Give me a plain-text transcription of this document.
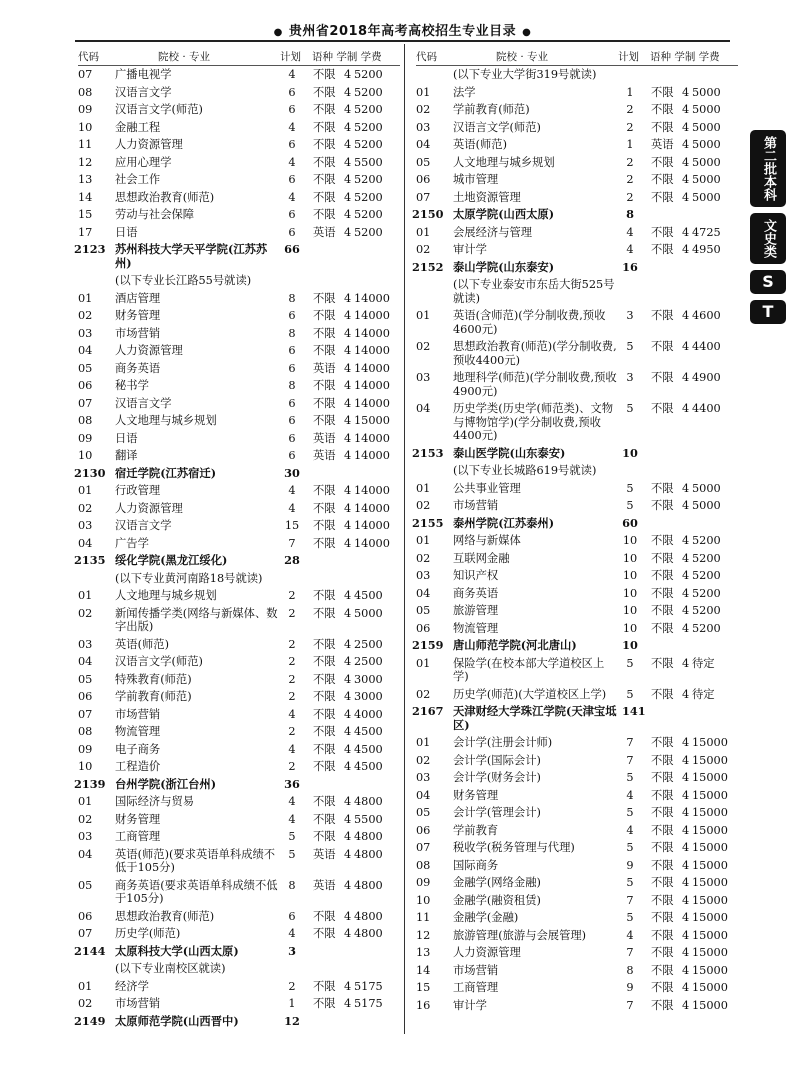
● 贵州省2018年高考高校招生专业目录 ●
代码	院校 · 专业	计划 语种 学制 学费
07 广播电视学	4	不限 4 5200
08 汉语言文学	6	不限 4 5200
09 汉语言文学(师范)	6	不限 4 5200
10 金融工程	4	不限 4 5200
11 人力资源管理	6	不限 4 5200
12 应用心理学	4	不限 4 5500
13 社会工作	6	不限 4 5200
14 思想政治教育(师范)	4	不限 4 5200
15 劳动与社会保障	6	不限 4 5200
17 日语	6	英语 4 5200
2123 苏州科技大学天平学院(江苏苏州)
66
(以下专业长江路55号就读)
01 酒店管理	8	不限 4 14000
02 财务管理	6	不限 4 14000
03 市场营销	8	不限 4 14000
04 人力资源管理	6	不限 4 14000
05 商务英语	6	英语 4 14000
06 秘书学	8	不限 4 14000
07 汉语言文学	6	不限 4 14000
08 人文地理与城乡规划	6	不限 4 15000
09 日语	6	英语 4 14000
10 翻译	6	英语 4 14000
2130 宿迁学院(江苏宿迁)	30
01 行政管理	4	不限 4 14000
02 人力资源管理	4	不限 4 14000
03 汉语言文学	15 不限 4 14000
04 广告学	7	不限 4 14000
2135 绥化学院(黑龙江绥化)	28
(以下专业黄河南路18号就读)
01 人文地理与城乡规划	2	不限 4 4500
02 新闻传播学类(网络与新媒体、数字出版)
2	不限 4 5000
03 英语(师范)	2	不限 4 2500
04 汉语言文学(师范)	2	不限 4 2500
05 特殊教育(师范)	2	不限 4 3000
06 学前教育(师范)	2	不限 4 3000
07 市场营销	4	不限 4 4000
08 物流管理	2	不限 4 4500
09 电子商务	4	不限 4 4500
10 工程造价	2	不限 4 4500
2139 台州学院(浙江台州)	36
01 国际经济与贸易	4	不限 4 4800
02 财务管理	4	不限 4 5500
03 工商管理	5	不限 4 4800
04 英语(师范)(要求英语单科成绩不低于105分)
5	英语 4 4800
05 商务英语(要求英语单科成绩不低于105分)
8	英语 4 4800
06 思想政治教育(师范)	6	不限 4 4800
07 历史学(师范)	4	不限 4 4800
2144 太原科技大学(山西太原)	3
(以下专业南校区就读)
01 经济学	2	不限 4 5175
02 市场营销	1	不限 4 5175
2149 太原师范学院(山西晋中)	12
代码	院校 · 专业	计划 语种 学制 学费
(以下专业大学街319号就读)
01 法学	1	不限 4 5000
02 学前教育(师范)	2	不限 4 5000
03 汉语言文学(师范)	2	不限 4 5000
04 英语(师范)	1	英语 4 5000
05 人文地理与城乡规划	2	不限 4 5000
06 城市管理	2	不限 4 5000
07 土地资源管理	2	不限 4 5000
2150 太原学院(山西太原)	8
01 会展经济与管理	4	不限 4 4725
02 审计学	4	不限 4 4950
2152 泰山学院(山东泰安)	16
(以下专业泰安市东岳大街525号就读)
01 英语(含师范)(学分制收费,预收4600元)
3	不限 4 4600
02 思想政治教育(师范)(学分制收费,预收4400元)
5	不限 4 4400
03 地理科学(师范)(学分制收费,预收4900元)
3	不限 4 4900
04 历史学类(历史学(师范类)、文物与博物馆学)(学分制收费,预收4400元)
5	不限 4 4400
2153 泰山医学院(山东泰安)	10
(以下专业长城路619号就读)
01 公共事业管理	5	不限 4 5000
02 市场营销	5	不限 4 5000
2155 泰州学院(江苏泰州)	60
01 网络与新媒体	10 不限 4 5200
02 互联网金融	10 不限 4 5200
03 知识产权	10 不限 4 5200
04 商务英语	10 不限 4 5200
05 旅游管理	10 不限 4 5200
06 物流管理	10 不限 4 5200
2159 唐山师范学院(河北唐山)	10
01 保险学(在校本部大学道校区上学)
5	不限 4 待定
02 历史学(师范)(大学道校区上学)	5	不限 4 待定
2167 天津财经大学珠江学院(天津宝坻区)
141
01 会计学(注册会计师)	7	不限 4 15000
02 会计学(国际会计)	7	不限 4 15000
03 会计学(财务会计)	5	不限 4 15000
04 财务管理	4	不限 4 15000
05 会计学(管理会计)	5	不限 4 15000
06 学前教育	4	不限 4 15000
07 税收学(税务管理与代理)	5	不限 4 15000
08 国际商务	9	不限 4 15000
09 金融学(网络金融)	5	不限 4 15000
10 金融学(融资租赁)	7	不限 4 15000
11 金融学(金融)	5	不限 4 15000
12 旅游管理(旅游与会展管理)	4	不限 4 15000
13 人力资源管理	7	不限 4 15000
14 市场营销	8	不限 4 15000
15 工商管理	9	不限 4 15000
16 审计学	7	不限 4 15000
第二批本科
文史类
S
T
高考直通车
